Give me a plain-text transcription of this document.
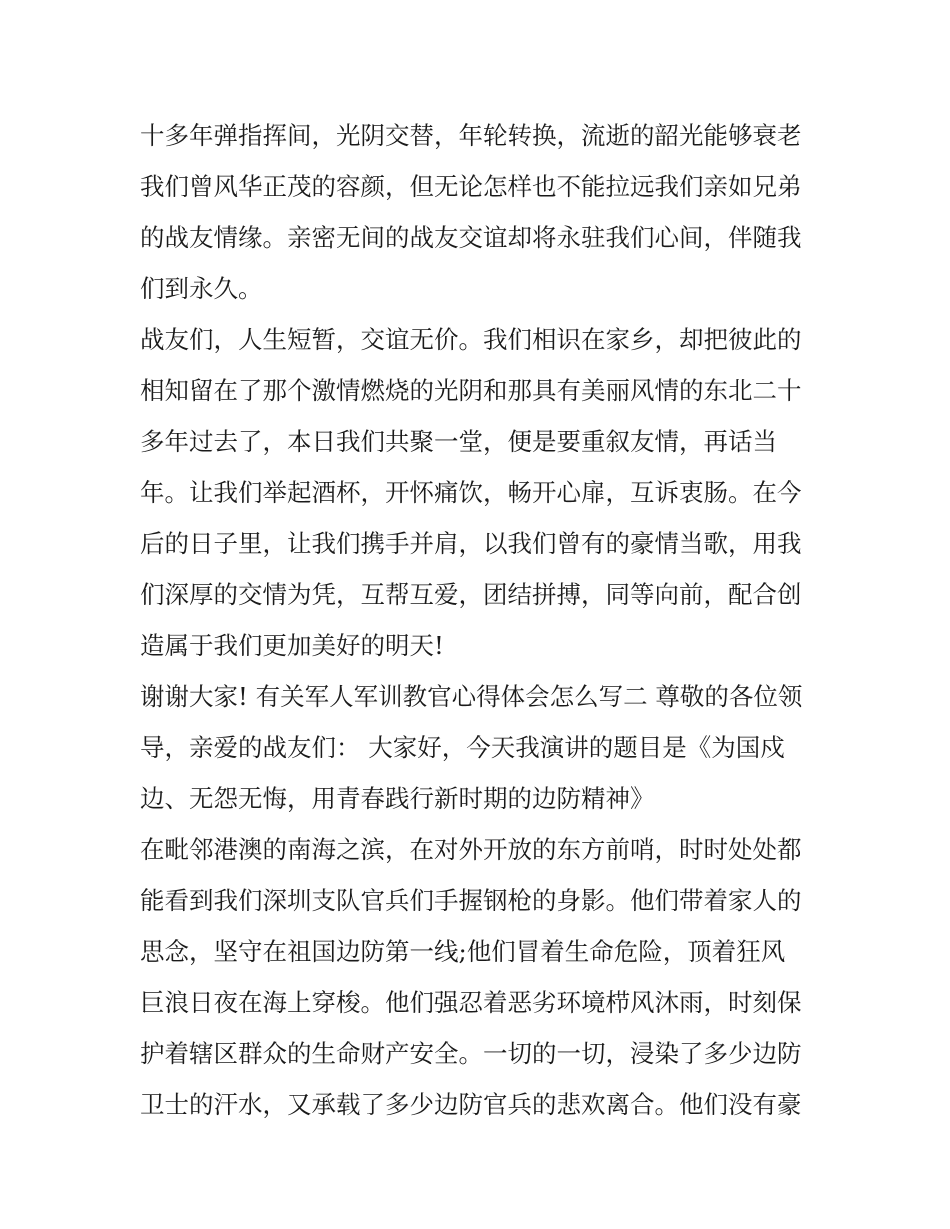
十多年弹指挥间，光阴交替，年轮转换，流逝的韶光能够衰老
我们曾风华正茂的容颜，但无论怎样也不能拉远我们亲如兄弟
的战友情缘。亲密无间的战友交谊却将永驻我们心间，伴随我
们到永久。
战友们，人生短暂，交谊无价。我们相识在家乡，却把彼此的
相知留在了那个激情燃烧的光阴和那具有美丽风情的东北二十
多年过去了，本日我们共聚一堂，便是要重叙友情，再话当
年。让我们举起酒杯，开怀痛饮，畅开心扉，互诉衷肠。在今
后的日子里，让我们携手并肩，以我们曾有的豪情当歌，用我
们深厚的交情为凭，互帮互爱，团结拼搏，同等向前，配合创
造属于我们更加美好的明天!
谢谢大家! 有关军人军训教官心得体会怎么写二 尊敬的各位领
导，亲爱的战友们： 大家好，今天我演讲的题目是《为国戍
边、无怨无悔，用青春践行新时期的边防精神》
在毗邻港澳的南海之滨，在对外开放的东方前哨，时时处处都
能看到我们深圳支队官兵们手握钢枪的身影。他们带着家人的
思念，坚守在祖国边防第一线;他们冒着生命危险，顶着狂风
巨浪日夜在海上穿梭。他们强忍着恶劣环境栉风沐雨，时刻保
护着辖区群众的生命财产安全。一切的一切，浸染了多少边防
卫士的汗水，又承载了多少边防官兵的悲欢离合。他们没有豪
